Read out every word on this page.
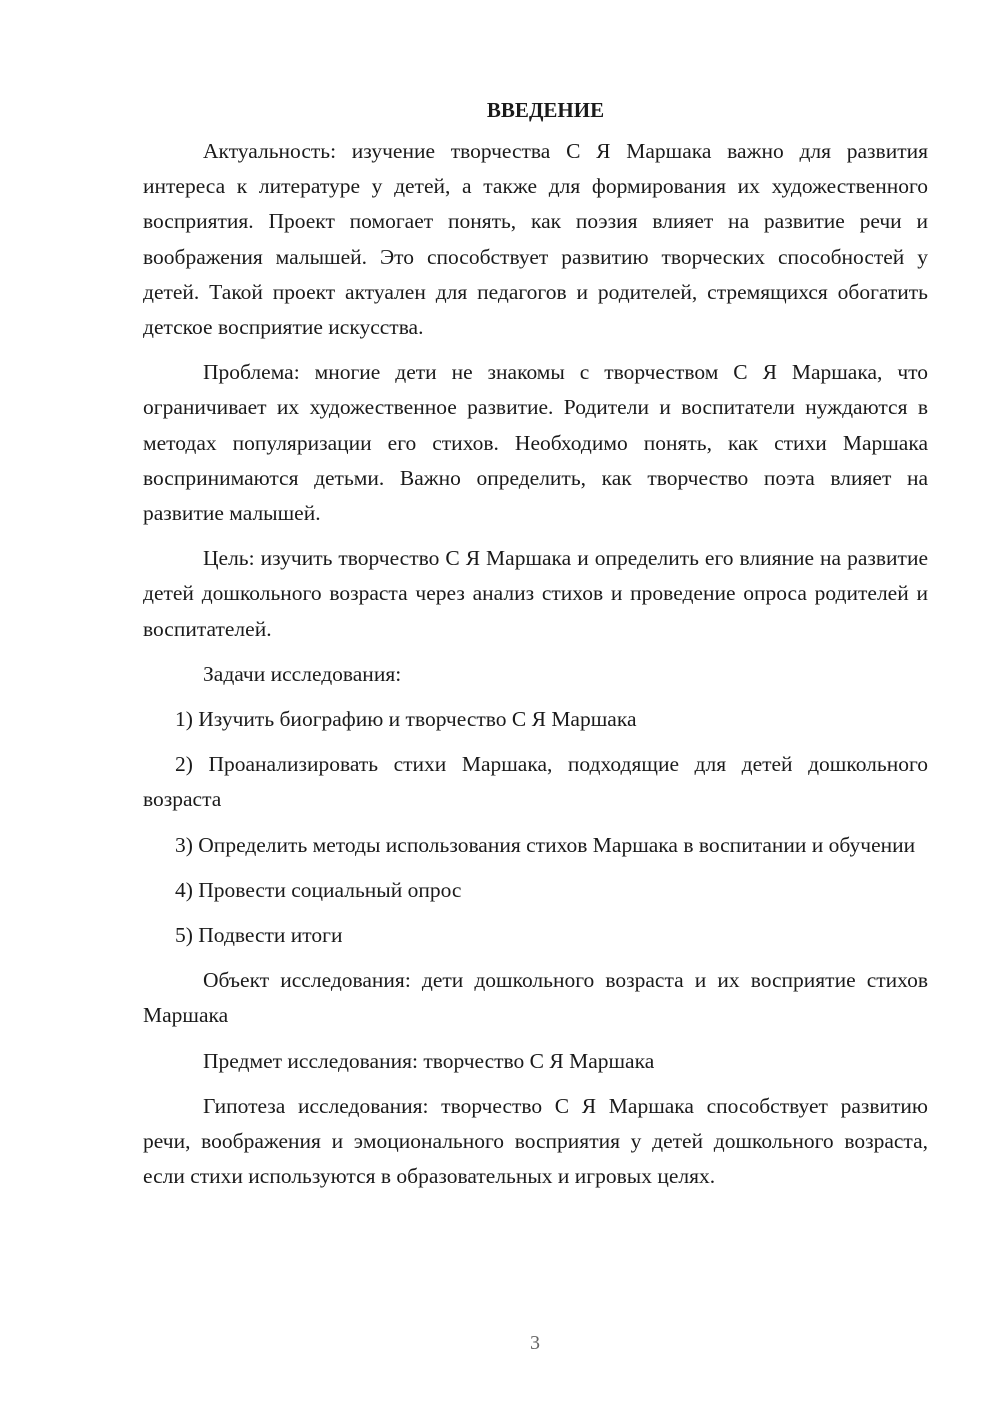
ВВЕДЕНИЕ

Актуальность: изучение творчества С Я Маршака важно для развития интереса к литературе у детей, а также для формирования их художественного восприятия. Проект помогает понять, как поэзия влияет на развитие речи и воображения малышей. Это способствует развитию творческих способностей у детей. Такой проект актуален для педагогов и родителей, стремящихся обогатить детское восприятие искусства.

Проблема: многие дети не знакомы с творчеством С Я Маршака, что ограничивает их художественное развитие. Родители и воспитатели нуждаются в методах популяризации его стихов. Необходимо понять, как стихи Маршака воспринимаются детьми. Важно определить, как творчество поэта влияет на развитие малышей.

Цель: изучить творчество С Я Маршака и определить его влияние на развитие детей дошкольного возраста через анализ стихов и проведение опроса родителей и воспитателей.

Задачи исследования:

1) Изучить биографию и творчество С Я Маршака

2) Проанализировать стихи Маршака, подходящие для детей дошкольного возраста

3) Определить методы использования стихов Маршака в воспитании и обучении

4) Провести социальный опрос

5) Подвести итоги

Объект исследования: дети дошкольного возраста и их восприятие стихов Маршака

Предмет исследования: творчество С Я Маршака

Гипотеза исследования: творчество С Я Маршака способствует развитию речи, воображения и эмоционального восприятия у детей дошкольного возраста, если стихи используются в образовательных и игровых целях.

3
